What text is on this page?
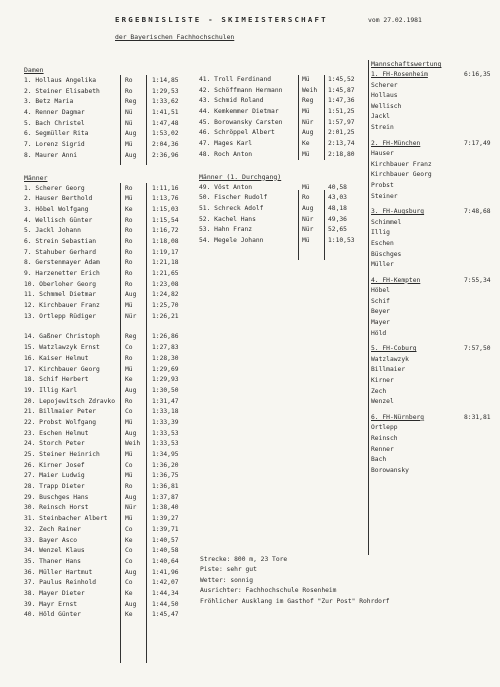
ERGEBNISLISTE - SKIMEISTERSCHAFT	vom 27.02.1981
der Bayerischen Fachhochschulen
Damen
1. Hollaus Angelika	Ro	1:14,85
2. Steiner Elisabeth	Ro	1:29,53
3. Betz Maria	Reg 1:33,62
4. Renner Dagmar	Nü	1:41,51
5. Bach Christel	Nü	1:47,48
6. Segmüller Rita	Aug 1:53,02
7. Lorenz Sigrid	Mü	2:04,36
8. Maurer Anni	Aug 2:36,96
Männer
1. Scherer Georg	Ro	1:11,16
2. Hauser Berthold	Mü	1:13,76
3. Höbel Wolfgang	Ke	1:15,03
4. Wellisch Günter	Ro	1:15,54
5. Jackl Johann	Ro	1:16,72
6. Strein Sebastian	Ro	1:18,08
7. Stahuber Gerhard	Ro	1:19,17
8. Gerstenmayer Adam	Ro	1:21,18
9. Harzenetter Erich	Ro	1:21,65
10. Oberloher Georg	Ro	1:23,08
11. Schmmel Dietmar	Aug 1:24,82
12. Kirchbauer Franz	Mü	1:25,70
13. Ortlepp Rüdiger	Nür 1:26,21
14. Gaßner Christoph	Reg 1:26,86
15. Watzlawzyk Ernst	Co	1:27,83
16. Kaiser Helmut	Ro	1:28,30
17. Kirchbauer Georg	Mü	1:29,69
18. Schif Herbert	Ke	1:29,93
19. Illig Karl	Aug 1:30,50
20. Lepojewitsch Zdravko	Ro	1:31,47
21. Billmaier Peter	Co	1:33,18
22. Probst Wolfgang	Mü	1:33,39
23. Eschen Helmut	Aug 1:33,53
24. Storch Peter	Weih 1:33,53
25. Steiner Heinrich	Mü	1:34,95
26. Kirner Josef	Co	1:36,20
27. Maier Ludwig	Mü	1:36,75
28. Trapp Dieter	Ro	1:36,81
29. Buschges Hans	Aug 1:37,87
30. Reinsch Horst	Nür 1:38,40
31. Steinbacher Albert	Mü	1:39,27
32. Zech Rainer	Co	1:39,71
33. Bayer Asco	Ke	1:40,57
34. Wenzel Klaus	Co	1:40,58
35. Thaner Hans	Co	1:40,64
36. Müller Hartmut	Aug 1:41,96
37. Paulus Reinhold	Co	1:42,07
38. Mayer Dieter	Ke	1:44,34
39. Mayr Ernst	Aug 1:44,50
40. Höld Günter	Ke	1:45,47
41. Troll Ferdinand	Mü	1:45,52
42. Schöffmann Hermann	Weih 1:45,87
43. Schmid Roland	Reg 1:47,36
44. Kemkemmer Dietmar	Mü	1:51,25
45. Borowansky Carsten	Nür 1:57,97
46. Schröppel Albert	Aug 2:01,25
47. Mages Karl	Ke	2:13,74
48. Roch Anton	Mü	2:18,80
Männer (1. Durchgang)
49. Vöst Anton	Mü	40,58
50. Fischer Rudolf	Ro	43,03
51. Schreck Adolf	Aug 48,18
52. Kachel Hans	Nür 49,36
53. Hahn Franz	Nür 52,65
54. Megele Johann	Mü	1:10,53
Mannschaftswertung
1. FH-Rosenheim	6:16,35
Scherer
Hollaus
Wellisch
Jackl
Strein
2. FH-München	7:17,49
Hauser
Kirchbauer Franz
Kirchbauer Georg
Probst
Steiner
3. FH-Augsburg	7:48,68
Schimmel
Illig
Eschen
Büschges
Müller
4. FH-Kempten	7:55,34
Höbel
Schif
Beyer
Mayer
Höld
5. FH-Coburg	7:57,50
Watzlawzyk
Billmaier
Kirner
Zech
Wenzel
6. FH-Nürnberg	8:31,81
Ortlepp
Reinsch
Renner
Bach
Borowansky
Strecke: 800 m, 23 Tore
Piste: sehr gut
Wetter: sonnig
Ausrichter: Fachhochschule Rosenheim
Fröhlicher Ausklang im Gasthof "Zur Post" Rohrdorf
